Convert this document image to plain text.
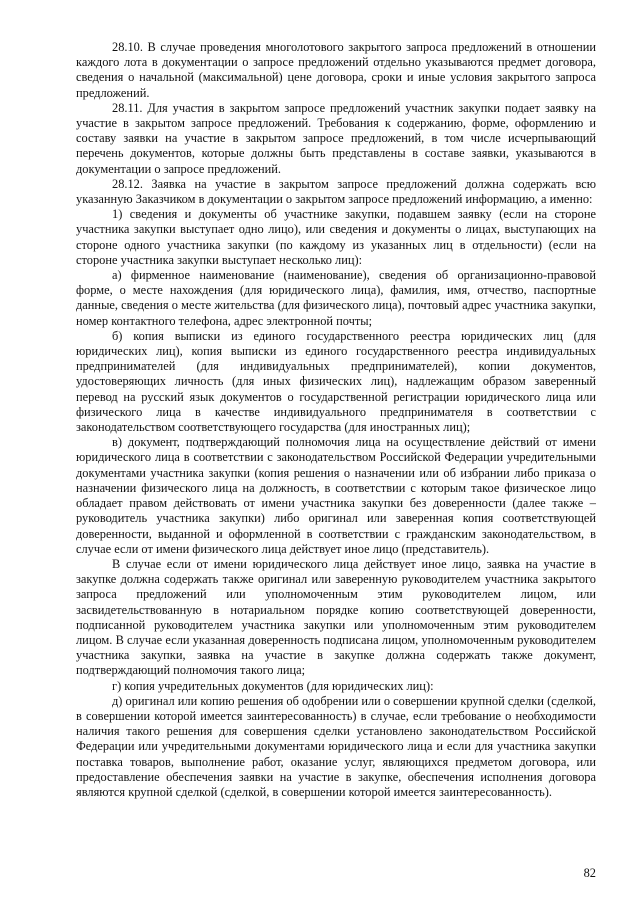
28.10. В случае проведения многолотового закрытого запроса предложений в отношении каждого лота в документации о запросе предложений отдельно указываются предмет договора, сведения о начальной (максимальной) цене договора, сроки и иные условия закрытого запроса предложений.

28.11. Для участия в закрытом запросе предложений участник закупки подает заявку на участие в закрытом запросе предложений. Требования к содержанию, форме, оформлению и составу заявки на участие в закрытом запросе предложений, в том числе исчерпывающий перечень документов, которые должны быть представлены в составе заявки, указываются в документации о запросе предложений.

28.12. Заявка на участие в закрытом запросе предложений должна содержать всю указанную Заказчиком в документации о закрытом запросе предложений информацию, а именно:

1) сведения и документы об участнике закупки, подавшем заявку (если на стороне участника закупки выступает одно лицо), или сведения и документы о лицах, выступающих на стороне одного участника закупки (по каждому из указанных лиц в отдельности) (если на стороне участника закупки выступает несколько лиц):

а) фирменное наименование (наименование), сведения об организационно-правовой форме, о месте нахождения (для юридического лица), фамилия, имя, отчество, паспортные данные, сведения о месте жительства (для физического лица), почтовый адрес участника закупки, номер контактного телефона, адрес электронной почты;

б) копия выписки из единого государственного реестра юридических лиц (для юридических лиц), копия выписки из единого государственного реестра индивидуальных предпринимателей (для индивидуальных предпринимателей), копии документов, удостоверяющих личность (для иных физических лиц), надлежащим образом заверенный перевод на русский язык документов о государственной регистрации юридического лица или физического лица в качестве индивидуального предпринимателя в соответствии с законодательством соответствующего государства (для иностранных лиц);

в) документ, подтверждающий полномочия лица на осуществление действий от имени юридического лица в соответствии с законодательством Российской Федерации учредительными документами участника закупки (копия решения о назначении или об избрании либо приказа о назначении физического лица на должность, в соответствии с которым такое физическое лицо обладает правом действовать от имени участника закупки без доверенности (далее также – руководитель участника закупки) либо оригинал или заверенная копия соответствующей доверенности, выданной и оформленной в соответствии с гражданским законодательством, в случае если от имени физического лица действует иное лицо (представитель).

В случае если от имени юридического лица действует иное лицо, заявка на участие в закупке должна содержать также оригинал или заверенную руководителем участника закрытого запроса предложений или уполномоченным этим руководителем лицом, или засвидетельствованную в нотариальном порядке копию соответствующей доверенности, подписанной руководителем участника закупки или уполномоченным этим руководителем лицом. В случае если указанная доверенность подписана лицом, уполномоченным руководителем участника закупки, заявка на участие в закупке должна содержать также документ, подтверждающий полномочия такого лица;

г) копия учредительных документов (для юридических лиц):

д) оригинал или копию решения об одобрении или о совершении крупной сделки (сделкой, в совершении которой имеется заинтересованность) в случае, если требование о необходимости наличия такого решения для совершения сделки установлено законодательством Российской Федерации или учредительными документами юридического лица и если для участника закупки поставка товаров, выполнение работ, оказание услуг, являющихся предметом договора, или предоставление обеспечения заявки на участие в закупке, обеспечения исполнения договора являются крупной сделкой (сделкой, в совершении которой имеется заинтересованность).

82
